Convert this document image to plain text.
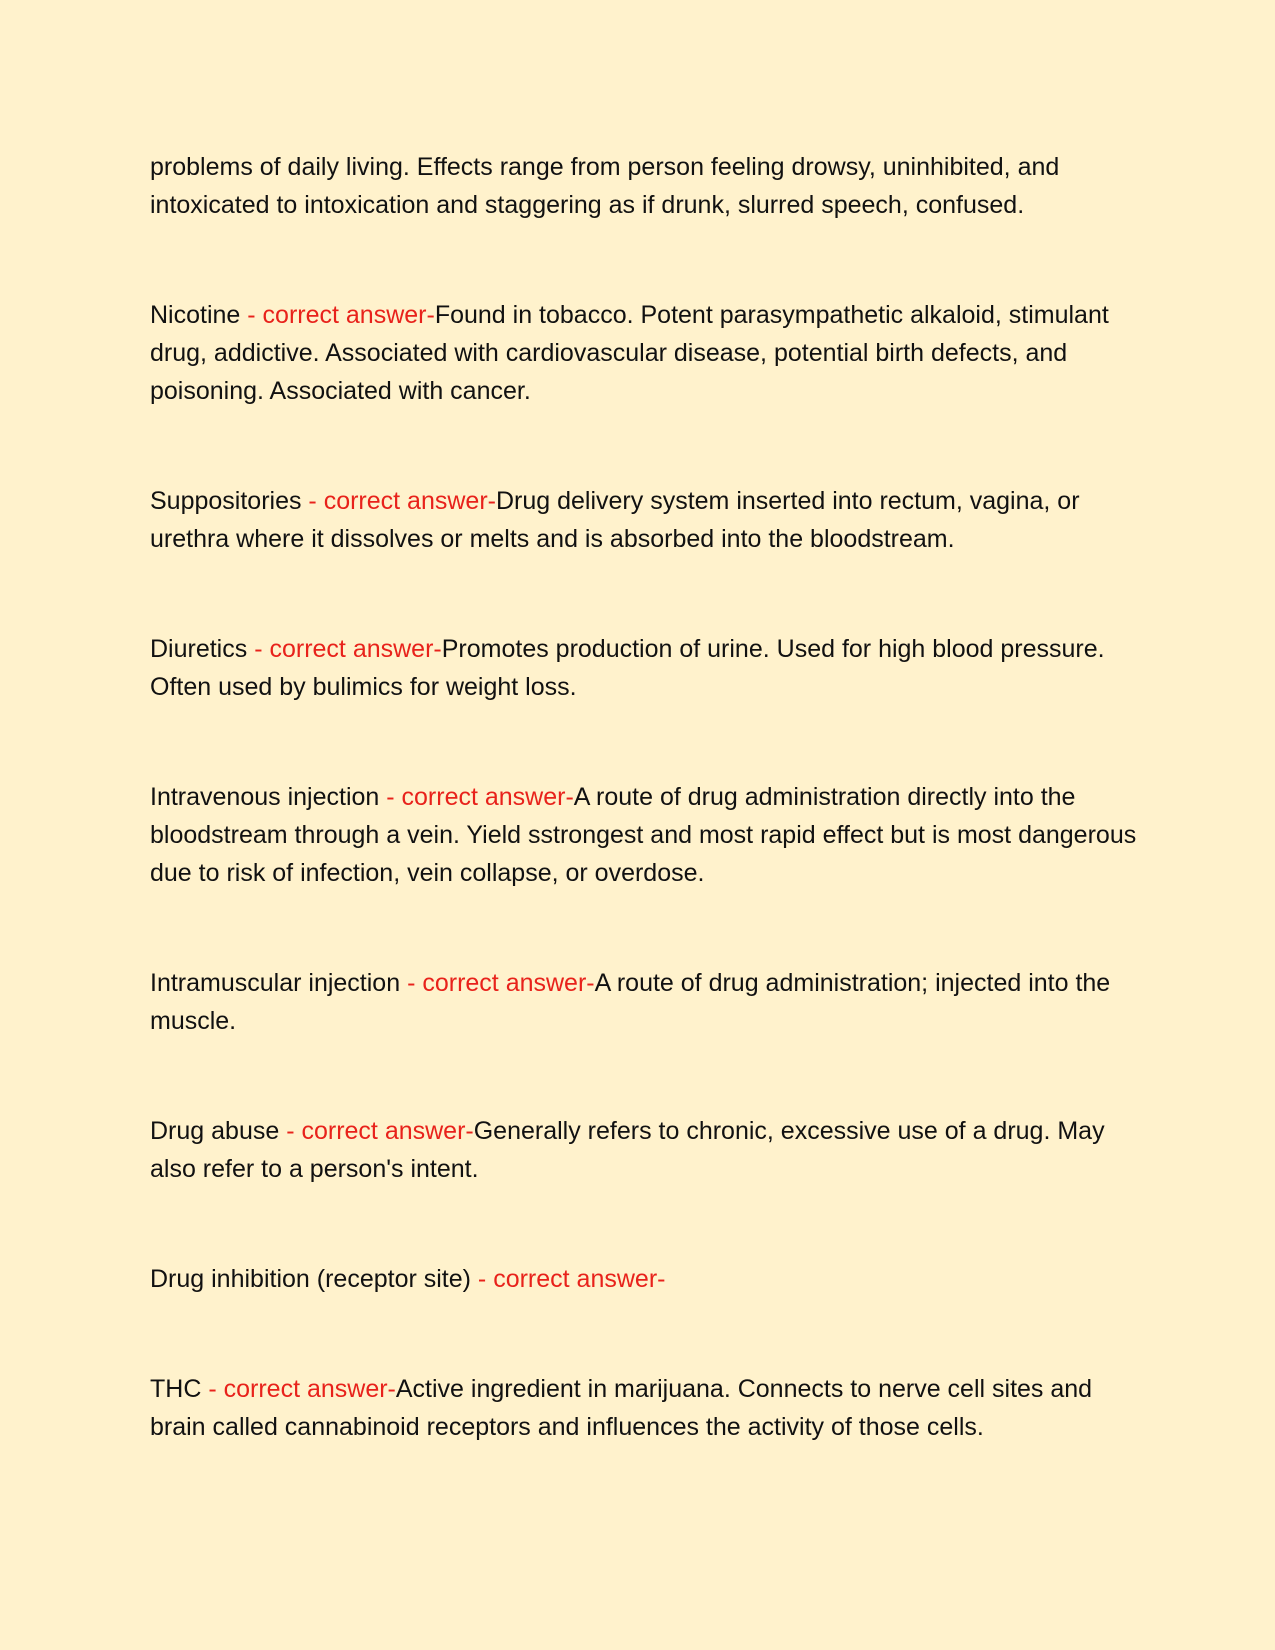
problems of daily living. Effects range from person feeling drowsy, uninhibited, and intoxicated to intoxication and staggering as if drunk, slurred speech, confused.

Nicotine - correct answer-Found in tobacco. Potent parasympathetic alkaloid, stimulant drug, addictive. Associated with cardiovascular disease, potential birth defects, and poisoning. Associated with cancer.

Suppositories - correct answer-Drug delivery system inserted into rectum, vagina, or urethra where it dissolves or melts and is absorbed into the bloodstream.

Diuretics - correct answer-Promotes production of urine. Used for high blood pressure. Often used by bulimics for weight loss.

Intravenous injection - correct answer-A route of drug administration directly into the bloodstream through a vein. Yield sstrongest and most rapid effect but is most dangerous due to risk of infection, vein collapse, or overdose.

Intramuscular injection - correct answer-A route of drug administration; injected into the muscle.

Drug abuse - correct answer-Generally refers to chronic, excessive use of a drug. May also refer to a person's intent.

Drug inhibition (receptor site) - correct answer-

THC - correct answer-Active ingredient in marijuana. Connects to nerve cell sites and brain called cannabinoid receptors and influences the activity of those cells.
